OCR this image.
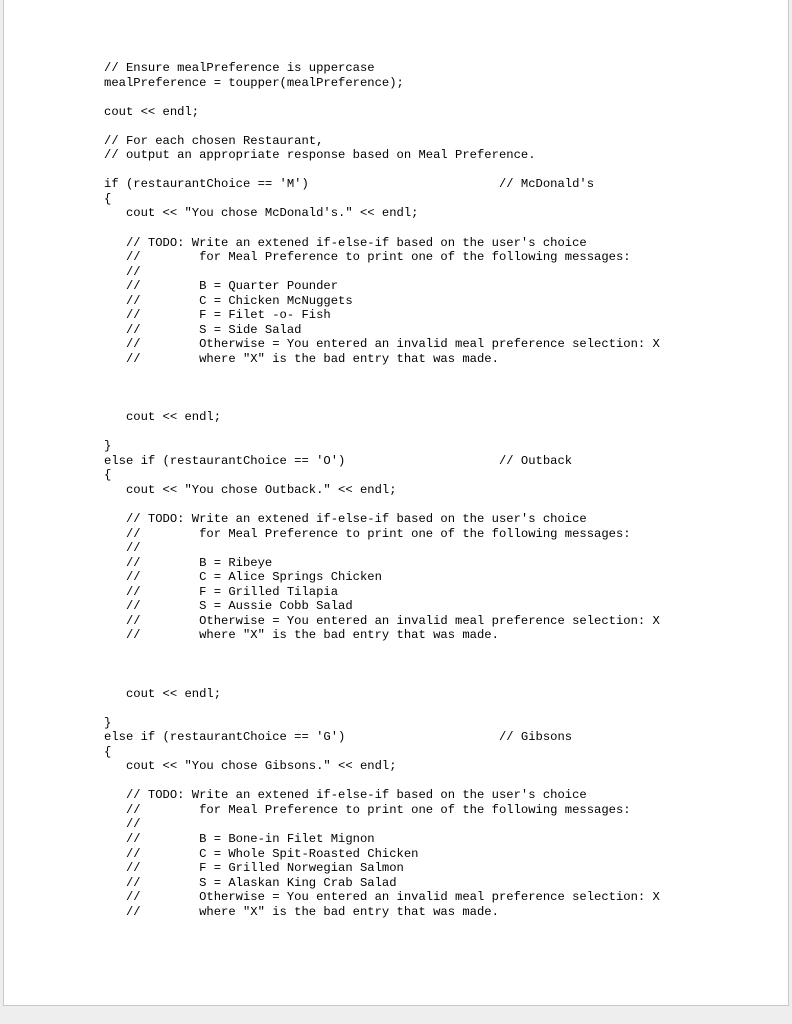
// Ensure mealPreference is uppercase
mealPreference = toupper(mealPreference);
cout << endl;
// For each chosen Restaurant,
// output an appropriate response based on Meal Preference.
if (restaurantChoice == 'M')                          // McDonald's
{
cout << "You chose McDonald's." << endl;
// TODO: Write an extened if-else-if based on the user's choice
//        for Meal Preference to print one of the following messages:
//
//        B = Quarter Pounder
//        C = Chicken McNuggets
//        F = Filet -o- Fish
//        S = Side Salad
//        Otherwise = You entered an invalid meal preference selection: X
//        where "X" is the bad entry that was made.
cout << endl;
}
else if (restaurantChoice == 'O')                     // Outback
{
cout << "You chose Outback." << endl;
// TODO: Write an extened if-else-if based on the user's choice
//        for Meal Preference to print one of the following messages:
//
//        B = Ribeye
//        C = Alice Springs Chicken
//        F = Grilled Tilapia
//        S = Aussie Cobb Salad
//        Otherwise = You entered an invalid meal preference selection: X
//        where "X" is the bad entry that was made.
cout << endl;
}
else if (restaurantChoice == 'G')                     // Gibsons
{
cout << "You chose Gibsons." << endl;
// TODO: Write an extened if-else-if based on the user's choice
//        for Meal Preference to print one of the following messages:
//
//        B = Bone-in Filet Mignon
//        C = Whole Spit-Roasted Chicken
//        F = Grilled Norwegian Salmon
//        S = Alaskan King Crab Salad
//        Otherwise = You entered an invalid meal preference selection: X
//        where "X" is the bad entry that was made.
